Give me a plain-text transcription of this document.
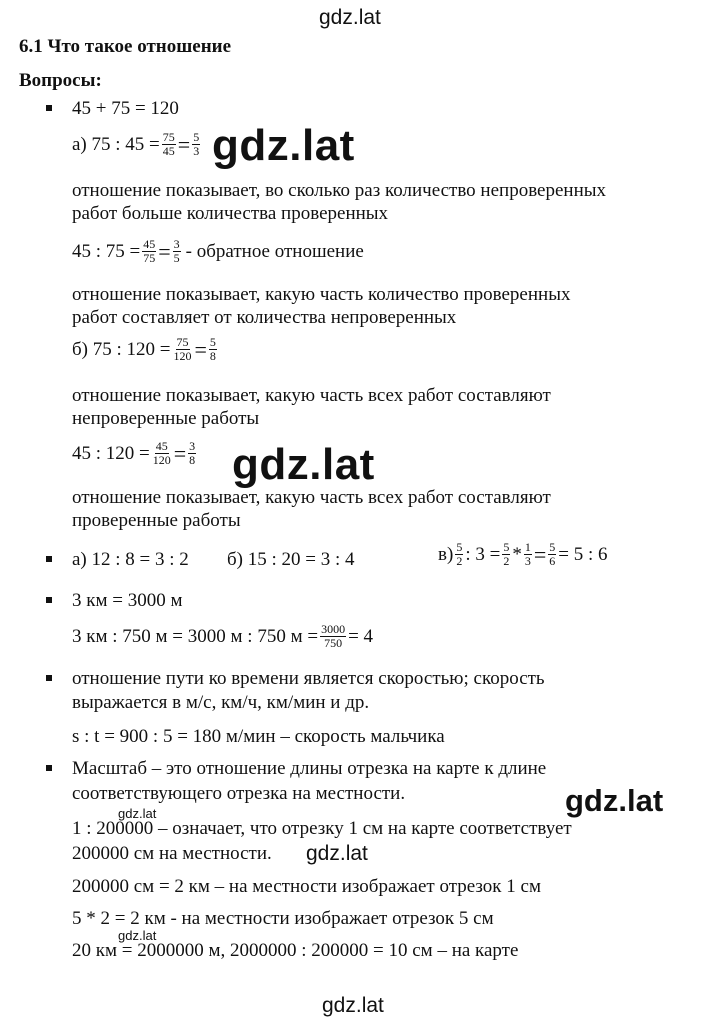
gdz.lat
6.1 Что такое отношение
Вопросы:
45 + 75 = 120
а) 75 : $45 = \frac{75}{45} = \frac{5}{3} gdz.lat$
отношение показывает, во сколько раз количество непроверенных
работ больше количества проверенных
45 : $75 = \frac{45}{75} = \frac{3}{5}$ - обратное отношение
отношение показывает, какую часть количество проверенных
работ составляет от количества непроверенных
б) 75 : $120 = \frac{75}{120} = \frac{5}{8}$
отношение показывает, какую часть всех работ составляют
непроверенные работы
45 : $120 = \frac{45}{120} = \frac{3}{8} gdz.lat$
отношение показывает, какую часть всех работ составляют
проверенные работы
а) 12 : 8 = 3 : 2 б) 15 : 20 = 3 : 4	$в) \frac{5}{2}$ : $3 = \frac{5}{2} * \frac{1}{3} = \frac{5}{6} = 5$ : 6
3 км = 3000 м
3 км : 750 м = 3000 м : 750 $м = \frac{3000}{750} = 4$
отношение пути ко времени является скоростью; скорость
выражается в м/с, км/ч, км/мин и др.
s : t = 900 : 5 = 180 м/мин – скорость мальчика
Масштаб – это отношение длины отрезка на карте к длине
соответствующего отрезка на местности.	gdz.lat
gdz.lat
1 : 200000 – означает, что отрезку 1 см на карте соответствует
200000 см на местности. gdz.lat
200000 см = 2 км – на местности изображает отрезок 1 см
5 * 2 = 2 км - на местности изображает отрезок 5 см
gdz.lat
20 км = 2000000 м, 2000000 : 200000 = 10 см – на карте
gdz.lat
